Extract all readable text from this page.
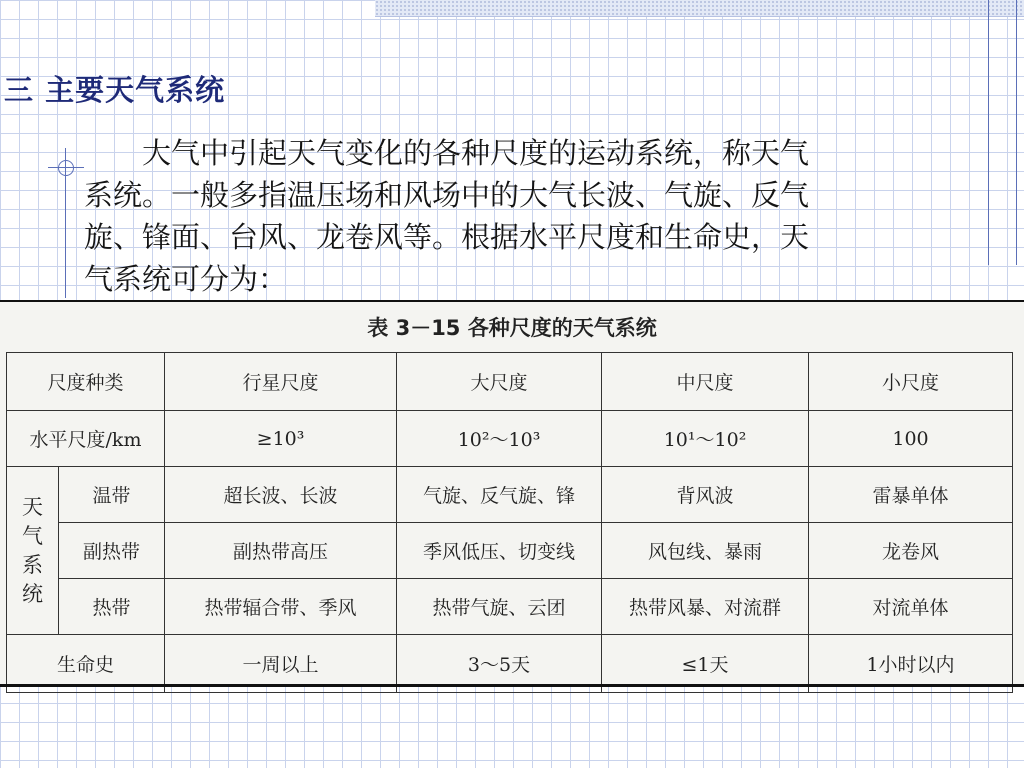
三 主要天气系统
大气中引起天气变化的各种尺度的运动系统，称天气
系统。一般多指温压场和风场中的大气长波、气旋、反气
旋、锋面、台风、龙卷风等。根据水平尺度和生命史，天
气系统可分为：
表 3－15 各种尺度的天气系统
尺度种类		行星尺度	大尺度	中尺度	小尺度
水平尺度/km		≥10³	10²～10³	10¹～10²	100

天
气
系
统	温带	超长波、长波	气旋、反气旋、锋	背风波	雷暴单体
	副热带	副热带高压	季风低压、切变线	风包线、暴雨	龙卷风
	热带	热带辐合带、季风	热带气旋、云团	热带风暴、对流群	对流单体
生命史		一周以上	3～5天	≤1天	1小时以内
